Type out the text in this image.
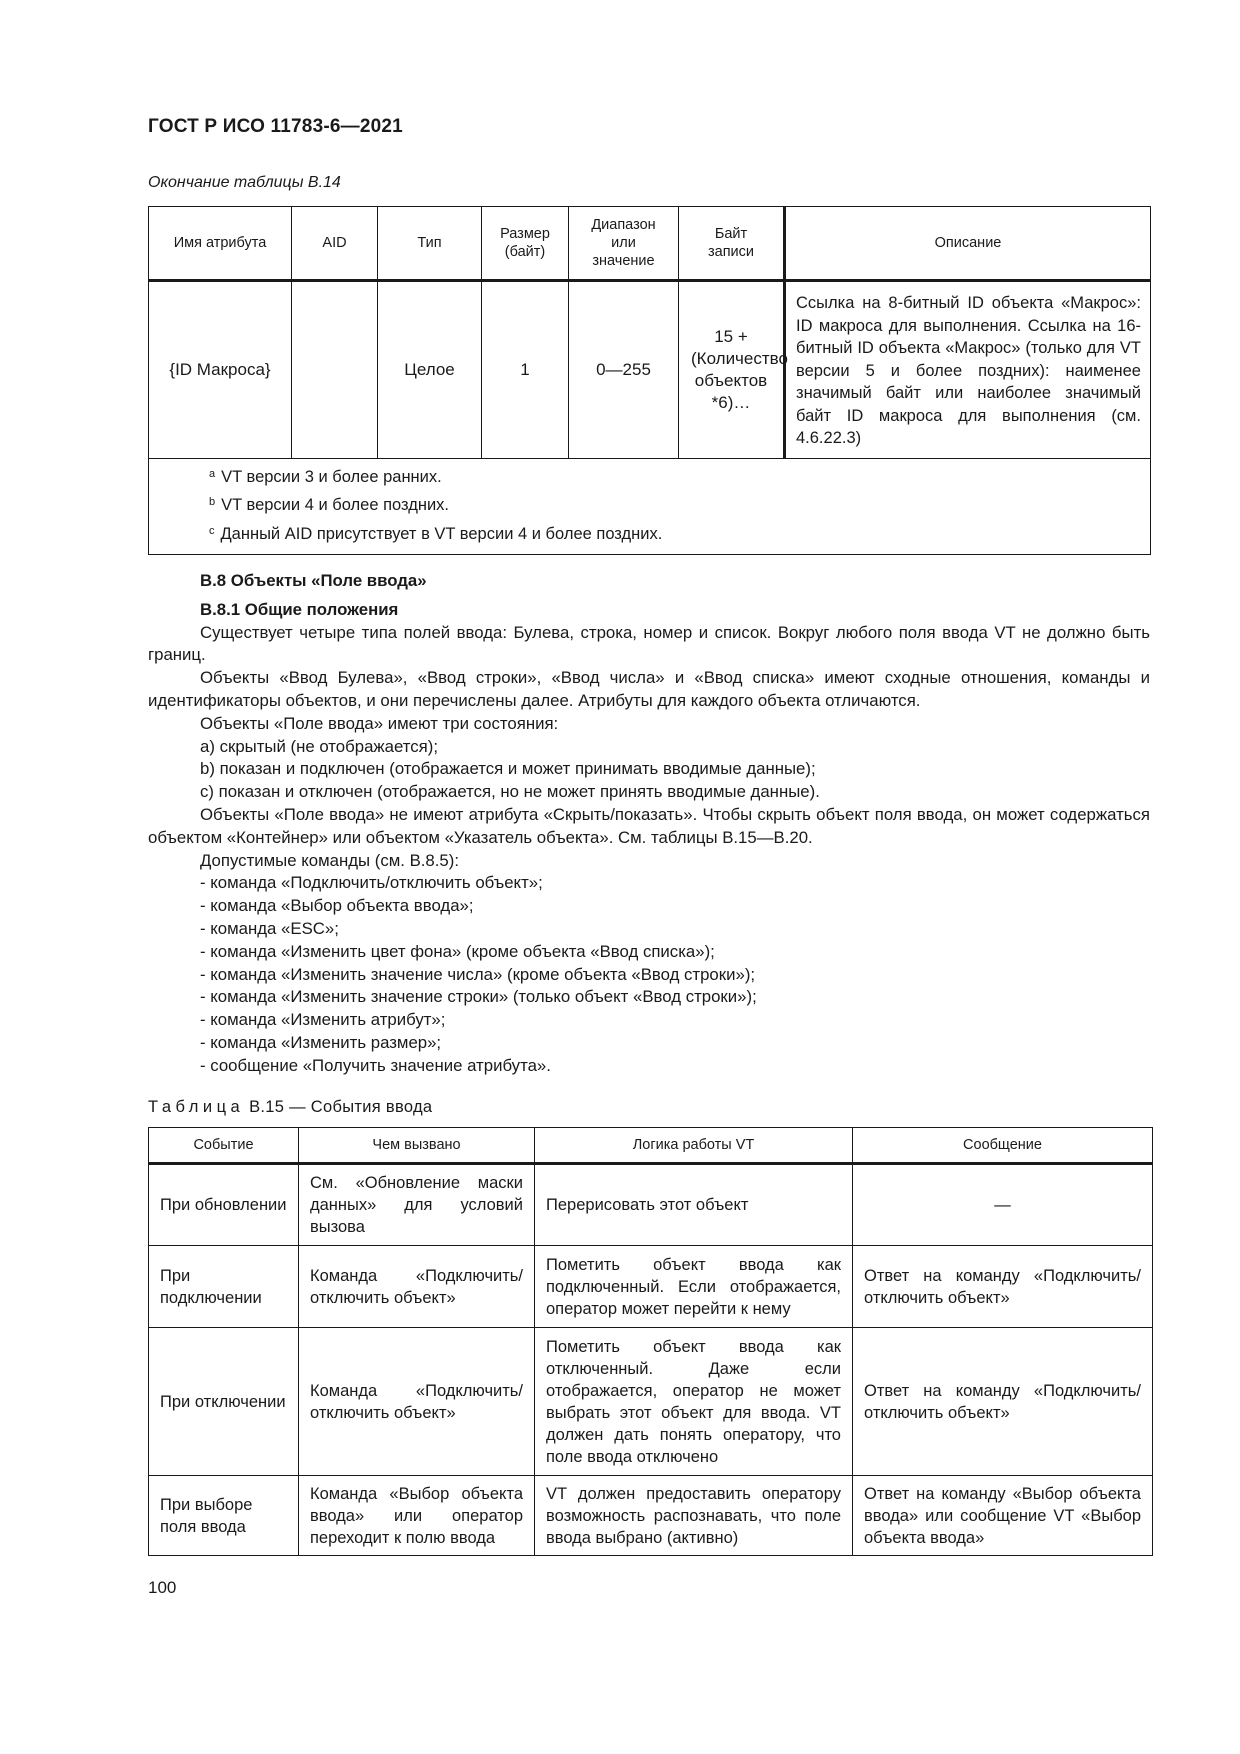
ГОСТ Р ИСО 11783-6—2021
Окончание таблицы В.14
Имя атрибута	AID	Тип	Размер (байт)	Диапазон или значение	Байт записи	Описание
{ID Макроса}		Целое	1	0—255	15 + (Количество объектов *6)…	Ссылка на 8-битный ID объекта «Макрос»: ID макроса для выполнения. Ссылка на 16-битный ID объекта «Макрос» (только для VT версии 5 и более поздних): наименее значимый байт или наиболее значимый байт ID макроса для выполнения (см. 4.6.22.3)

$^a$ VT версии 3 и более ранних.
$^b$ VT версии 4 и более поздних.
$^c$ Данный AID присутствует в VT версии 4 и более поздних.						

В.8 Объекты «Поле ввода»

В.8.1 Общие положения

Существует четыре типа полей ввода: Булева, строка, номер и список. Вокруг любого поля ввода VT не должно быть границ.

Объекты «Ввод Булева», «Ввод строки», «Ввод числа» и «Ввод списка» имеют сходные отношения, команды и идентификаторы объектов, и они перечислены далее. Атрибуты для каждого объекта отличаются.

Объекты «Поле ввода» имеют три состояния:

а) скрытый (не отображается);

b) показан и подключен (отображается и может принимать вводимые данные);

с) показан и отключен (отображается, но не может принять вводимые данные).

Объекты «Поле ввода» не имеют атрибута «Скрыть/показать». Чтобы скрыть объект поля ввода, он может содержаться объектом «Контейнер» или объектом «Указатель объекта». См. таблицы В.15—В.20.

Допустимые команды (см. В.8.5):

- команда «Подключить/отключить объект»;

- команда «Выбор объекта ввода»;

- команда «ESC»;

- команда «Изменить цвет фона» (кроме объекта «Ввод списка»);

- команда «Изменить значение числа» (кроме объекта «Ввод строки»);

- команда «Изменить значение строки» (только объект «Ввод строки»);

- команда «Изменить атрибут»;

- команда «Изменить размер»;

- сообщение «Получить значение атрибута».

Таблица В.15 — События ввода
Событие	Чем вызвано	Логика работы VT	Сообщение
При обновлении	См. «Обновление маски данных» для условий вызова	Перерисовать этот объект	—
При подключении	Команда «Подключить/отключить объект»	Пометить объект ввода как подключенный. Если отображается, оператор может перейти к нему	Ответ на команду «Подключить/отключить объект»
При отключении	Команда «Подключить/отключить объект»	Пометить объект ввода как отключенный. Даже если отображается, оператор не может выбрать этот объект для ввода. VT должен дать понять оператору, что поле ввода отключено	Ответ на команду «Подключить/отключить объект»
При выборе поля ввода	Команда «Выбор объекта ввода» или оператор переходит к полю ввода	VT должен предоставить оператору возможность распознавать, что поле ввода выбрано (активно)	Ответ на команду «Выбор объекта ввода» или сообщение VT «Выбор объекта ввода»
100
